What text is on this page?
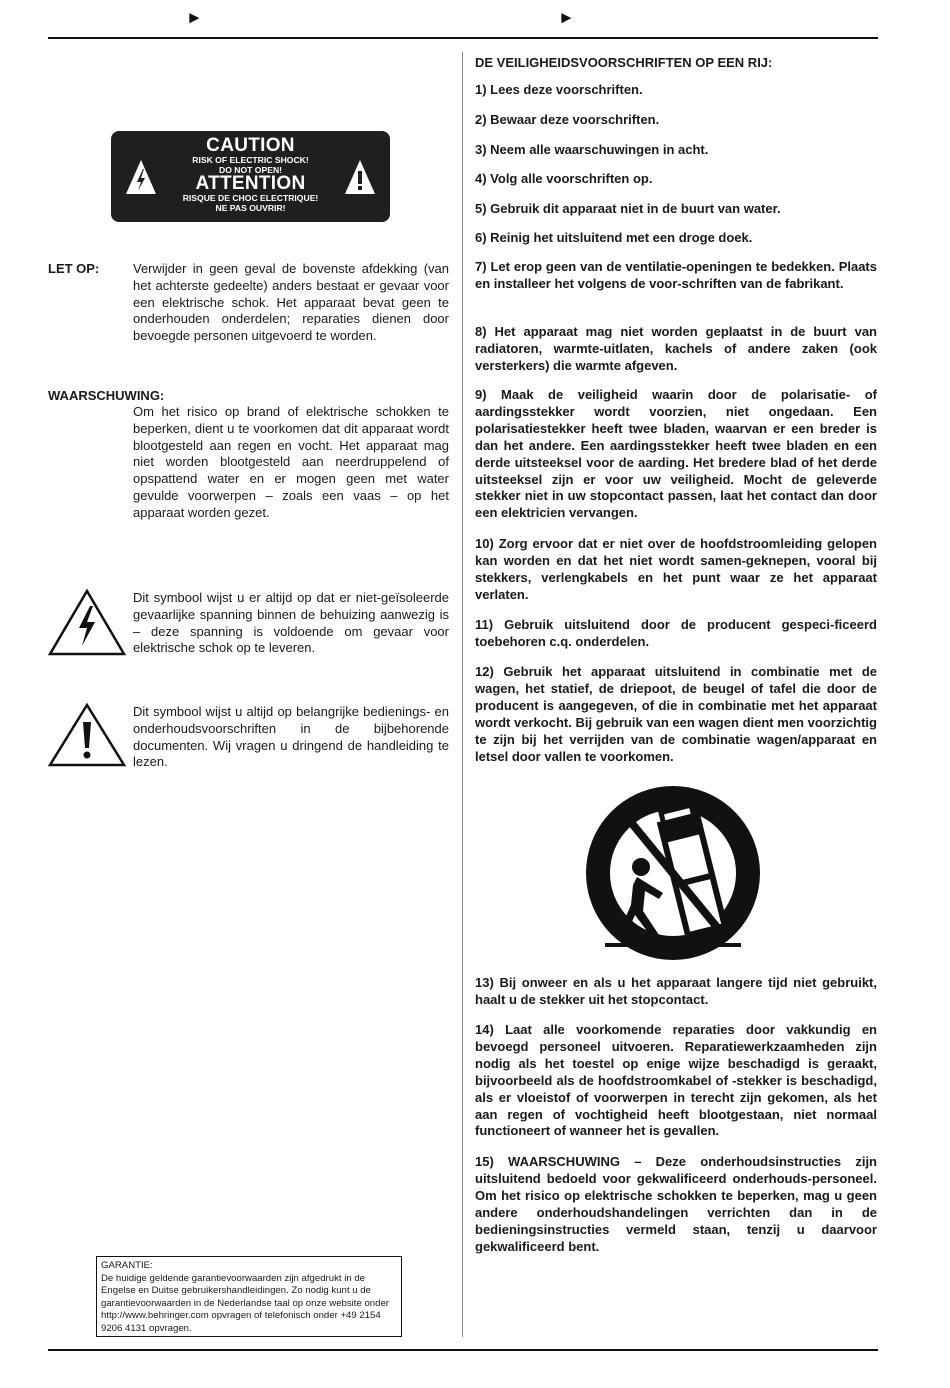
►	►
CAUTION
RISK OF ELECTRIC SHOCK!
DO NOT OPEN!
ATTENTION
RISQUE DE CHOC ELECTRIQUE!
NE PAS OUVRIR!
LET OP:	Verwijder in geen geval de bovenste afdekking (van het achterste gedeelte) anders bestaat er gevaar voor een elektrische schok. Het apparaat bevat geen te onderhouden onderdelen; reparaties dienen door bevoegde personen uitgevoerd te worden.
WAARSCHUWING:
Om het risico op brand of elektrische schokken te beperken, dient u te voorkomen dat dit apparaat wordt blootgesteld aan regen en vocht. Het apparaat mag niet worden blootgesteld aan neerdruppelend of opspattend water en er mogen geen met water gevulde voorwerpen – zoals een vaas – op het apparaat worden gezet.
Dit symbool wijst u er altijd op dat er niet-geïsoleerde gevaarlijke spanning binnen de behuizing aanwezig is – deze spanning is voldoende om gevaar voor elektrische schok op te leveren.
Dit symbool wijst u altijd op belangrijke bedienings- en onderhoudsvoorschriften in de bijbehorende documenten. Wij vragen u dringend de handleiding te lezen.
GARANTIE:
De huidige geldende garantievoorwaarden zijn afgedrukt in de Engelse en Duitse gebruikershandleidingen. Zo nodig kunt u de garantievoorwaarden in de Nederlandse taal op onze website onder http://www.behringer.com opvragen of telefonisch onder +49 2154 9206 4131 opvragen.
DE VEILIGHEIDSVOORSCHRIFTEN OP EEN RIJ:
1) Lees deze voorschriften.
2) Bewaar deze voorschriften.
3) Neem alle waarschuwingen in acht.
4) Volg alle voorschriften op.
5) Gebruik dit apparaat niet in de buurt van water.
6) Reinig het uitsluitend met een droge doek.
7) Let erop geen van de ventilatie-openingen te bedekken. Plaats en installeer het volgens de voor-schriften van de fabrikant.
8) Het apparaat mag niet worden geplaatst in de buurt van radiatoren, warmte-uitlaten, kachels of andere zaken (ook versterkers) die warmte afgeven.
9) Maak de veiligheid waarin door de polarisatie- of aardingsstekker wordt voorzien, niet ongedaan. Een polarisatiestekker heeft twee bladen, waarvan er een breder is dan het andere. Een aardingsstekker heeft twee bladen en een derde uitsteeksel voor de aarding. Het bredere blad of het derde uitsteeksel zijn er voor uw veiligheid. Mocht de geleverde stekker niet in uw stopcontact passen, laat het contact dan door een elektricien vervangen.
10) Zorg ervoor dat er niet over de hoofdstroomleiding gelopen kan worden en dat het niet wordt samen-geknepen, vooral bij stekkers, verlengkabels en het punt waar ze het apparaat verlaten.
11) Gebruik uitsluitend door de producent gespeci-ficeerd toebehoren c.q. onderdelen.
12) Gebruik het apparaat uitsluitend in combinatie met de wagen, het statief, de driepoot, de beugel of tafel die door de producent is aangegeven, of die in combinatie met het apparaat wordt verkocht. Bij gebruik van een wagen dient men voorzichtig te zijn bij het verrijden van de combinatie wagen/apparaat en letsel door vallen te voorkomen.
13) Bij onweer en als u het apparaat langere tijd niet gebruikt, haalt u de stekker uit het stopcontact.
14) Laat alle voorkomende reparaties door vakkundig en bevoegd personeel uitvoeren. Reparatiewerkzaamheden zijn nodig als het toestel op enige wijze beschadigd is geraakt, bijvoorbeeld als de hoofdstroomkabel of -stekker is beschadigd, als er vloeistof of voorwerpen in terecht zijn gekomen, als het aan regen of vochtigheid heeft blootgestaan, niet normaal functioneert of wanneer het is gevallen.
15) WAARSCHUWING – Deze onderhoudsinstructies zijn uitsluitend bedoeld voor gekwalificeerd onderhouds-personeel. Om het risico op elektrische schokken te beperken, mag u geen andere onderhoudshandelingen verrichten dan in de bedieningsinstructies vermeld staan, tenzij u daarvoor gekwalificeerd bent.
